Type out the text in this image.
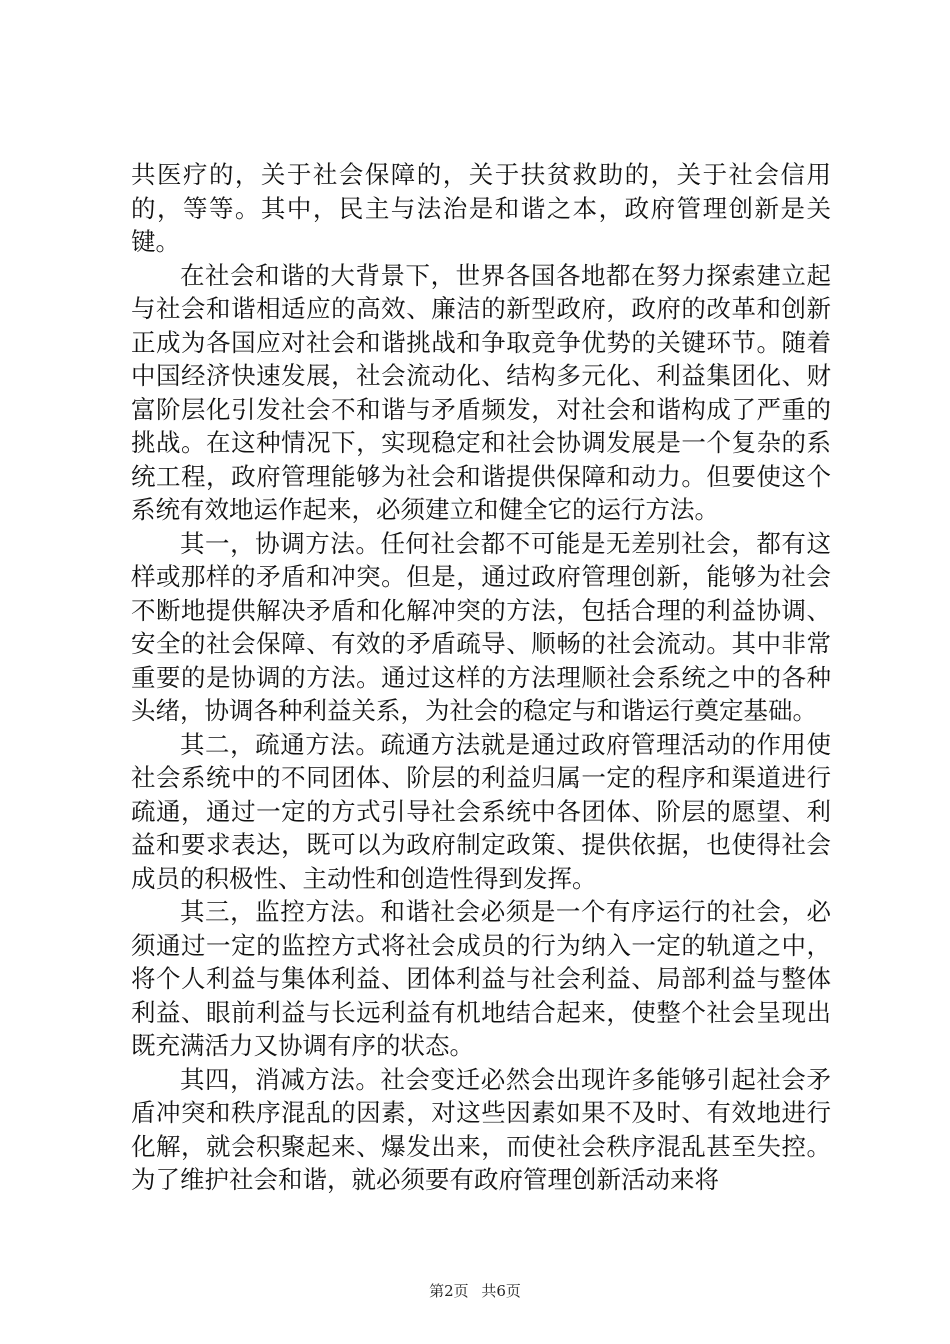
共医疗的，关于社会保障的，关于扶贫救助的，关于社会信用的，等等。其中，民主与法治是和谐之本，政府管理创新是关键。

在社会和谐的大背景下，世界各国各地都在努力探索建立起与社会和谐相适应的高效、廉洁的新型政府，政府的改革和创新正成为各国应对社会和谐挑战和争取竞争优势的关键环节。随着中国经济快速发展，社会流动化、结构多元化、利益集团化、财富阶层化引发社会不和谐与矛盾频发，对社会和谐构成了严重的挑战。在这种情况下，实现稳定和社会协调发展是一个复杂的系统工程，政府管理能够为社会和谐提供保障和动力。但要使这个系统有效地运作起来，必须建立和健全它的运行方法。

其一，协调方法。任何社会都不可能是无差别社会，都有这样或那样的矛盾和冲突。但是，通过政府管理创新，能够为社会不断地提供解决矛盾和化解冲突的方法，包括合理的利益协调、安全的社会保障、有效的矛盾疏导、顺畅的社会流动。其中非常重要的是协调的方法。通过这样的方法理顺社会系统之中的各种头绪，协调各种利益关系，为社会的稳定与和谐运行奠定基础。

其二，疏通方法。疏通方法就是通过政府管理活动的作用使社会系统中的不同团体、阶层的利益归属一定的程序和渠道进行疏通，通过一定的方式引导社会系统中各团体、阶层的愿望、利益和要求表达，既可以为政府制定政策、提供依据，也使得社会成员的积极性、主动性和创造性得到发挥。

其三，监控方法。和谐社会必须是一个有序运行的社会，必须通过一定的监控方式将社会成员的行为纳入一定的轨道之中，将个人利益与集体利益、团体利益与社会利益、局部利益与整体利益、眼前利益与长远利益有机地结合起来，使整个社会呈现出既充满活力又协调有序的状态。

其四，消减方法。社会变迁必然会出现许多能够引起社会矛盾冲突和秩序混乱的因素，对这些因素如果不及时、有效地进行化解，就会积聚起来、爆发出来，而使社会秩序混乱甚至失控。为了维护社会和谐，就必须要有政府管理创新活动来将

第2页 共6页
